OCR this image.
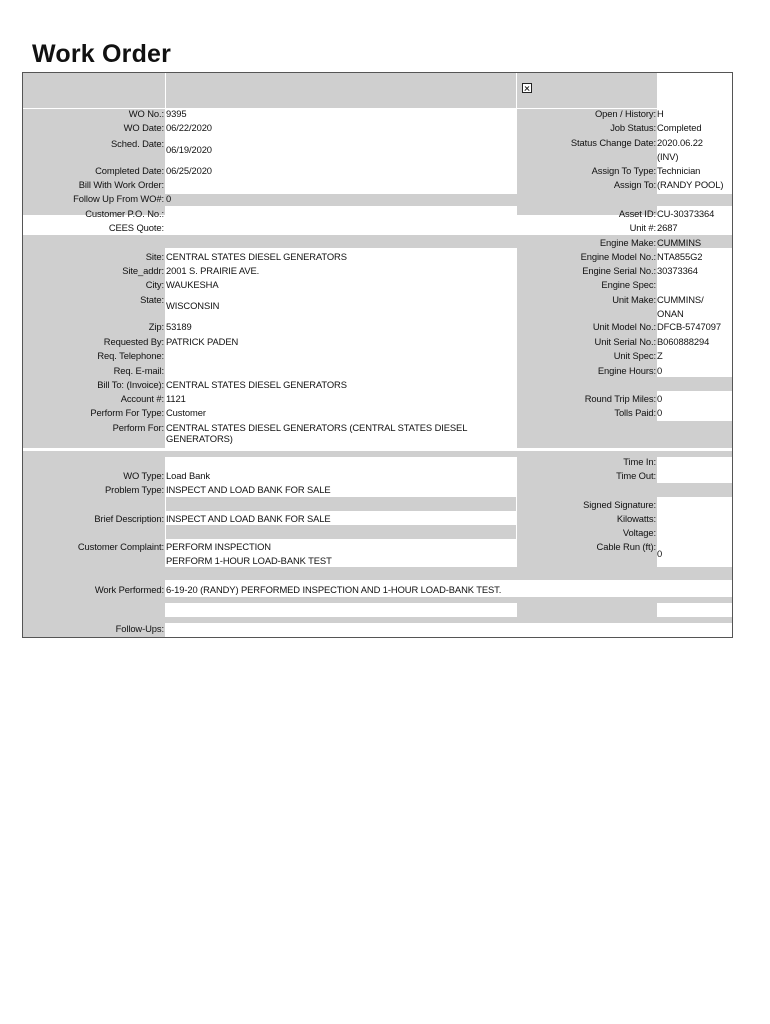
Work Order
WO No.: 9395
WO Date: 06/22/2020
Sched. Date:
06/19/2020
Completed Date: 06/25/2020
Bill With Work Order:
Follow Up From WO#: 0
Customer P.O. No.:
CEES Quote:
Site: CENTRAL STATES DIESEL GENERATORS
Site_addr: 2001 S. PRAIRIE AVE.
City: WAUKESHA
State:
WISCONSIN
Zip: 53189
Requested By: PATRICK PADEN
Req. Telephone:
Req. E-mail:
Bill To: (Invoice): CENTRAL STATES DIESEL GENERATORS
Account #: 1121
Perform For Type: Customer
Perform For: CENTRAL STATES DIESEL GENERATORS (CENTRAL STATES DIESEL GENERATORS)
WO Type: Load Bank
Problem Type: INSPECT AND LOAD BANK FOR SALE
Brief Description: INSPECT AND LOAD BANK FOR SALE
Customer Complaint: PERFORM INSPECTION
PERFORM 1-HOUR LOAD-BANK TEST
Work Performed: 6-19-20 (RANDY) PERFORMED INSPECTION AND 1-HOUR LOAD-BANK TEST.
Follow-Ups:
Open / History: H
Job Status: Completed
Status Change Date: 2020.06.22
(INV)
Assign To Type: Technician
Assign To: (RANDY POOL)
Asset ID: CU-30373364
Unit #: 2687
Engine Make: CUMMINS
Engine Model No.: NTA855G2
Engine Serial No.: 30373364
Engine Spec:
Unit Make: CUMMINS/
ONAN
Unit Model No.: DFCB-5747097
Unit Serial No.: B060888294
Unit Spec: Z
Engine Hours: 0
Round Trip Miles: 0
Tolls Paid: 0
Time In:
Time Out:
Signed Signature:
Kilowatts:
Voltage:
Cable Run (ft):
0
